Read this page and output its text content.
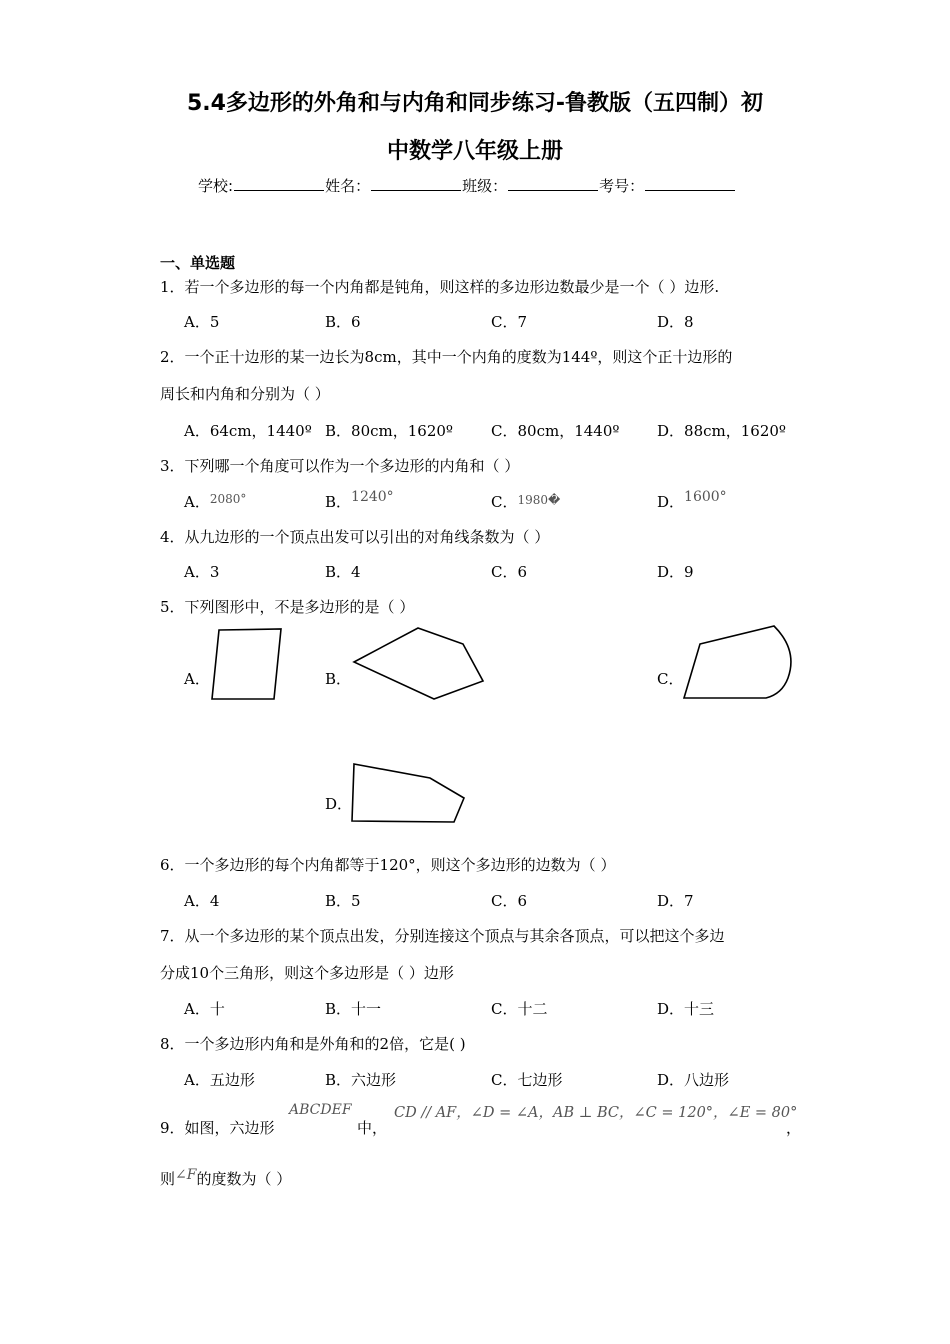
5.4多边形的外角和与内角和同步练习-鲁教版（五四制）初
中数学八年级上册
学校:	姓名：	班级：	考号：
一、单选题
1．若一个多边形的每一个内角都是钝角，则这样的多边形边数最少是一个（ ）边形.
A．5	B．6	C．7	D．8
2．一个正十边形的某一边长为8cm，其中一个内角的度数为144º，则这个正十边形的
周长和内角和分别为（ ）
A．64cm，1440º B．80cm，1620º	C．80cm，1440º	D．88cm，1620º
3．下列哪一个角度可以作为一个多边形的内角和（ ）
A．$^{2080^\circ}$	B．1240°	C．$^{1980�}$	D．1600°
4．从九边形的一个顶点出发可以引出的对角线条数为（ ）
A．3	B．4	C．6	D．9
5．下列图形中，不是多边形的是（ ）
A．	B．	C．
D．
6．一个多边形的每个内角都等于120°，则这个多边形的边数为（ ）
A．4	B．5	C．6	D．7
7．从一个多边形的某个顶点出发，分别连接这个顶点与其余各顶点，可以把这个多边
分成10个三角形，则这个多边形是（ ）边形
A．十	B．十一	C．十二	D．十三
8．一个多边形内角和是外角和的2倍，它是( )
A．五边形	B．六边形	C．七边形	D．八边形
9．如图，六边形
ABCDEF
中，
CD // AF，∠D = ∠A，AB ⊥ BC，∠C = 120°，∠E = 80°
，
则∠F的度数为（ ）
